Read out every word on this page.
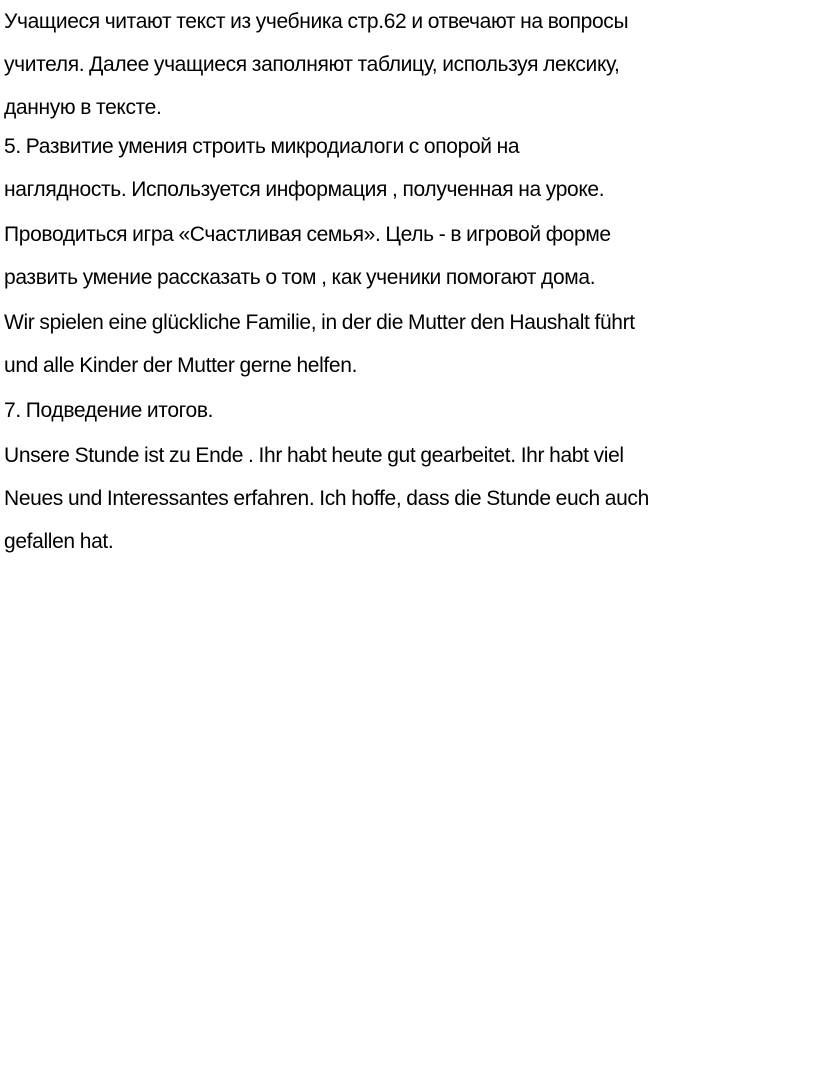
Учащиеся читают текст из учебника стр.62 и отвечают на вопросы
учителя. Далее учащиеся заполняют таблицу, используя лексику,
данную в тексте.

5. Развитие умения строить микродиалоги с опорой на
наглядность. Используется информация , полученная на уроке.

Проводиться игра «Счастливая семья». Цель - в игровой форме
развить умение рассказать о том , как ученики помогают дома.

Wir spielen eine glückliche Familie, in der die Mutter den Haushalt führt
und alle Kinder der Mutter gerne helfen.

7. Подведение итогов.

Unsere Stunde ist zu Ende . Ihr habt heute gut gearbeitet. Ihr habt viel
Neues und Interessantes erfahren. Ich hoffe, dass die Stunde euch auch
gefallen hat.
